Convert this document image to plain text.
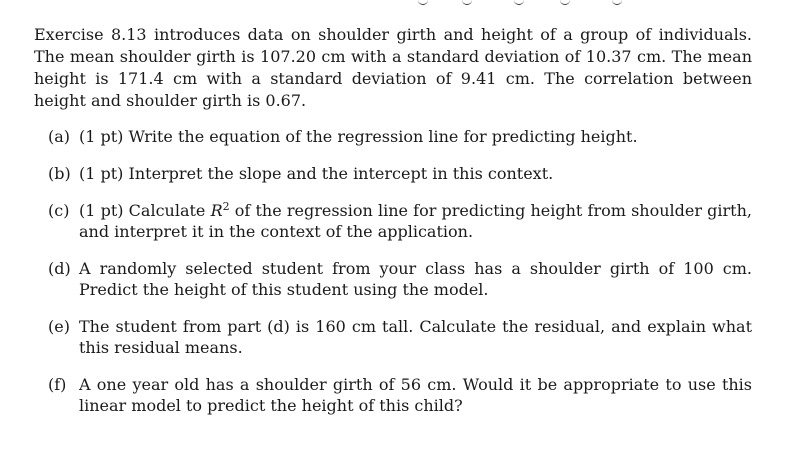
Exercise 8.13 introduces data on shoulder girth and height of a group of individuals. The mean shoulder girth is 107.20 cm with a standard deviation of 10.37 cm. The mean height is 171.4 cm with a standard deviation of 9.41 cm. The correlation between height and shoulder girth is 0.67.

(a) (1 pt) Write the equation of the regression line for predicting height.
(b) (1 pt) Interpret the slope and the intercept in this context.
(c) (1 pt) Calculate $R^2$ of the regression line for predicting height from shoulder girth, and interpret it in the context of the application.
(d) A randomly selected student from your class has a shoulder girth of 100 cm. Predict the height of this student using the model.
(e) The student from part (d) is 160 cm tall. Calculate the residual, and explain what this residual means.
(f) A one year old has a shoulder girth of 56 cm. Would it be appropriate to use this linear model to predict the height of this child?
